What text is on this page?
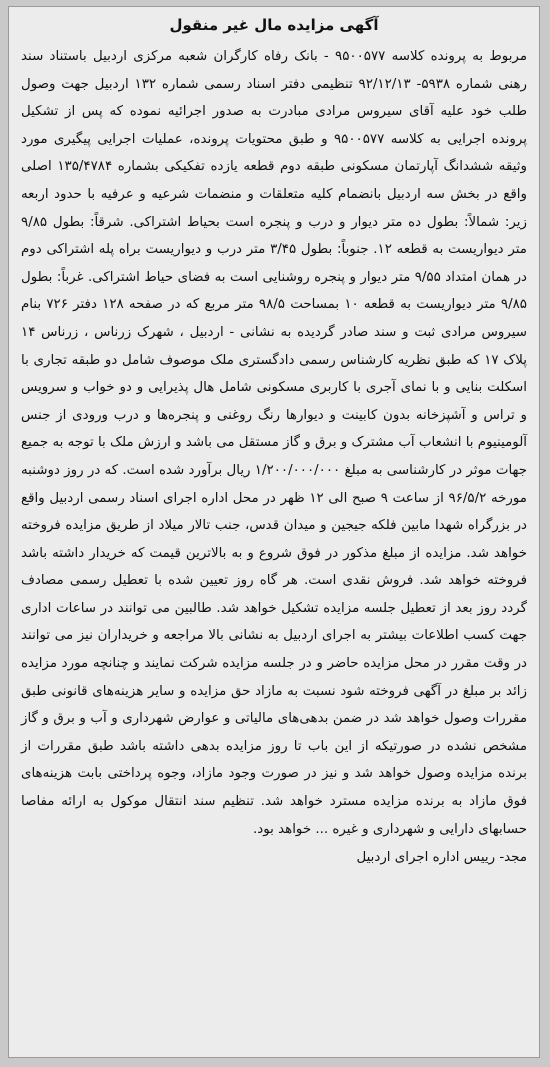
آگهی مزایده مال غیر منقول

مربوط به پرونده کلاسه ۹۵۰۰۵۷۷ - بانک رفاه کارگران شعبه مرکزی اردبیل باستناد سند رهنی شماره ۵۹۳۸- ۹۲/۱۲/۱۳ تنظیمی دفتر اسناد رسمی شماره ۱۳۲ اردبیل جهت وصول طلب خود علیه آقای سیروس مرادی مبادرت به صدور اجرائیه نموده که پس از تشکیل پرونده اجرایی به کلاسه ۹۵۰۰۵۷۷ و طبق محتویات پرونده، عملیات اجرایی پیگیری مورد وثیقه ششدانگ آپارتمان مسکونی طبقه دوم قطعه یازده تفکیکی بشماره ۱۳۵/۴۷۸۴ اصلی واقع در بخش سه اردبیل بانضمام کلیه متعلقات و منضمات شرعیه و عرفیه با حدود اربعه زیر: شمالاً: بطول ده متر دیوار و درب و پنجره است بحیاط اشتراکی. شرقاً: بطول ۹/۸۵ متر دیواریست به قطعه ۱۲. جنوباً: بطول ۳/۴۵ متر درب و دیواریست براه پله اشتراکی دوم در همان امتداد ۹/۵۵ متر دیوار و پنجره روشنایی است به فضای حیاط اشتراکی. غرباً: بطول ۹/۸۵ متر دیواریست به قطعه ۱۰ بمساحت ۹۸/۵ متر مربع که در صفحه ۱۲۸ دفتر ۷۲۶ بنام سیروس مرادی ثبت و سند صادر گردیده به نشانی - اردبیل ، شهرک زرناس ، زرناس ۱۴ پلاک ۱۷ که طبق نظریه کارشناس رسمی دادگستری ملک موصوف شامل دو طبقه تجاری با اسکلت بنایی و با نمای آجری با کاربری مسکونی شامل هال پذیرایی و دو خواب و سرویس و تراس و آشپزخانه بدون کابینت و دیوارها رنگ روغنی و پنجره‌ها و درب ورودی از جنس آلومینیوم با انشعاب آب مشترک و برق و گاز مستقل می باشد و ارزش ملک با توجه به جمیع جهات موثر در کارشناسی به مبلغ ۱/۲۰۰/۰۰۰/۰۰۰ ریال برآورد شده است. که در روز دوشنبه مورخه ۹۶/۵/۲ از ساعت ۹ صبح الی ۱۲ ظهر در محل اداره اجرای اسناد رسمی اردبیل واقع در بزرگراه شهدا مابین فلکه جیجین و میدان قدس، جنب تالار میلاد از طریق مزایده فروخته خواهد شد. مزایده از مبلغ مذکور در فوق شروع و به بالاترین قیمت که خریدار داشته باشد فروخته خواهد شد. فروش نقدی است. هر گاه روز تعیین شده با تعطیل رسمی مصادف گردد روز بعد از تعطیل جلسه مزایده تشکیل خواهد شد. طالبین می توانند در ساعات اداری جهت کسب اطلاعات بیشتر به اجرای اردبیل به نشانی بالا مراجعه و خریداران نیز می توانند در وقت مقرر در محل مزایده حاضر و در جلسه مزایده شرکت نمایند و چنانچه مورد مزایده زائد بر مبلغ در آگهی فروخته شود نسبت به مازاد حق مزایده و سایر هزینه‌های قانونی طبق مقررات وصول خواهد شد در ضمن بدهی‌های مالیاتی و عوارض شهرداری و آب و برق و گاز مشخص نشده در صورتیکه از این باب تا روز مزایده بدهی داشته باشد طبق مقررات از برنده مزایده وصول خواهد شد و نیز در صورت وجود مازاد، وجوه پرداختی بابت هزینه‌های فوق مازاد به برنده مزایده مسترد خواهد شد. تنظیم سند انتقال موکول به ارائه مفاصا حسابهای دارایی و شهرداری و غیره ... خواهد بود.

مجد- رییس اداره اجرای اردبیل
